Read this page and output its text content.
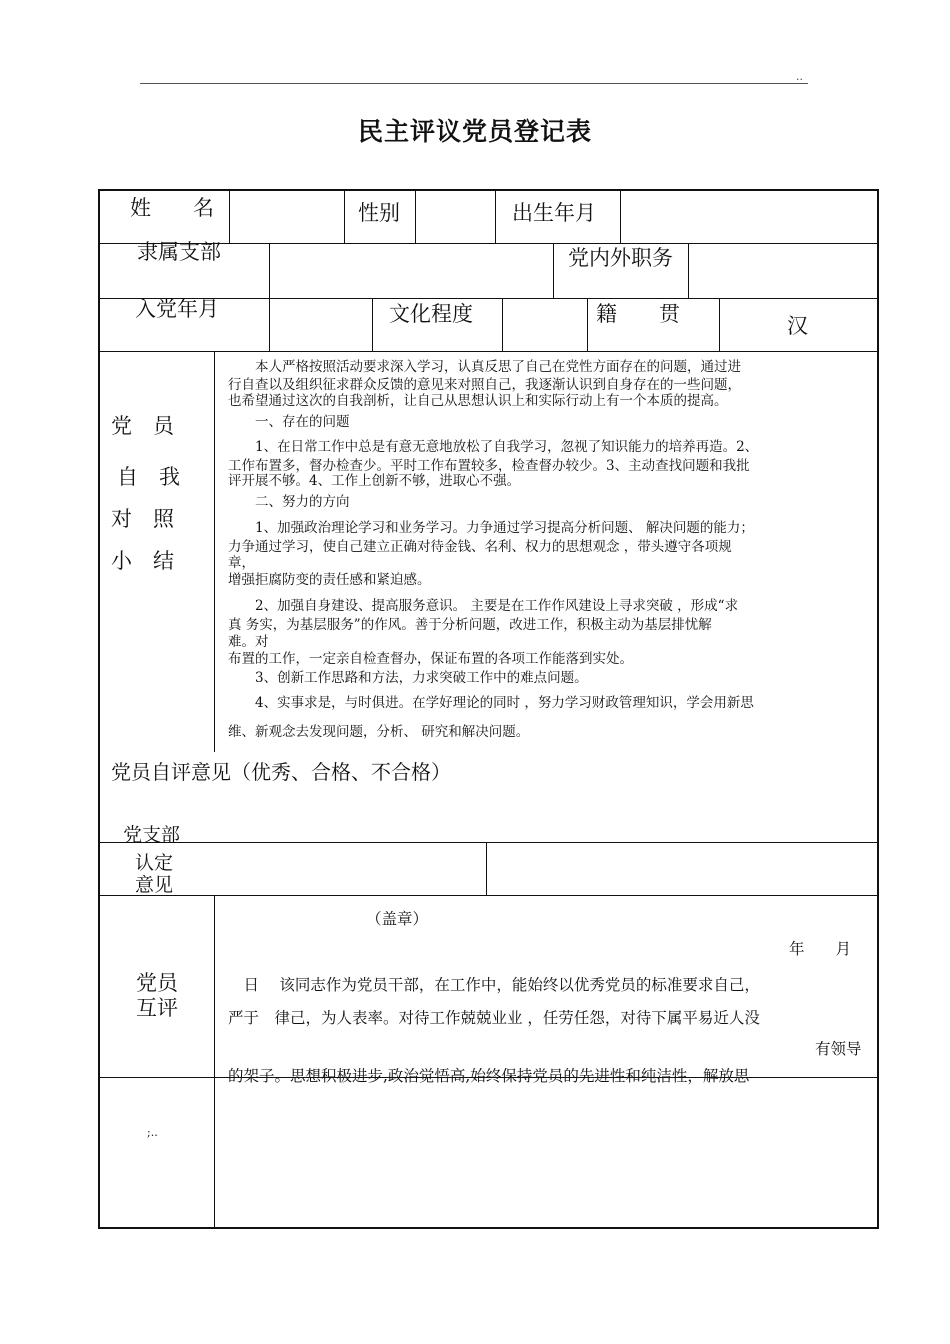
..
民主评议党员登记表
姓　　名	性别	出生年月
隶属支部	党内外职务
入党年月	文化程度	籍　　贯	汉
党　员
自　我
对　照
小　结
　　本人严格按照活动要求深入学习，认真反思了自己在党性方面存在的问题，通过进
行自查以及组织征求群众反馈的意见来对照自己，我逐渐认识到自身存在的一些问题，
也希望通过这次的自我剖析，让自己从思想认识上和实际行动上有一个本质的提高。
　　一、存在的问题
　　1、在日常工作中总是有意无意地放松了自我学习，忽视了知识能力的培养再造。2、
工作布置多，督办检查少。平时工作布置较多，检查督办较少。3、主动查找问题和我批
评开展不够。4、工作上创新不够，进取心不强。
　　二、努力的方向
　　1、加强政治理论学习和业务学习。力争通过学习提高分析问题、 解决问题的能力；
力争通过学习，使自己建立正确对待金钱、名利、权力的思想观念 ，带头遵守各项规
章，
增强拒腐防变的责任感和紧迫感。
　　2、加强自身建设、提高服务意识。 主要是在工作作风建设上寻求突破 ，形成“求
真 务实，为基层服务”的作风。善于分析问题，改进工作，积极主动为基层排忧解
难。对
布置的工作，一定亲自检查督办，保证布置的各项工作能落到实处。
　　3、创新工作思路和方法，力求突破工作中的难点问题。
　　4、实事求是，与时俱进。在学好理论的同时 ，努力学习财政管理知识，学会用新思
维、新观念去发现问题，分析、 研究和解决问题。
党员自评意见（优秀、合格、不合格）
党支部
认定
意见
（盖章）
年　　月
党员
互评
　日　 该同志作为党员干部，在工作中，能始终以优秀党员的标准要求自己，
严于　律己，为人表率。对待工作兢兢业业 ，任劳任怨，对待下属平易近人没
有领导
的架子。思想积极进步,政治觉悟高,始终保持党员的先进性和纯洁性，解放思
;..
